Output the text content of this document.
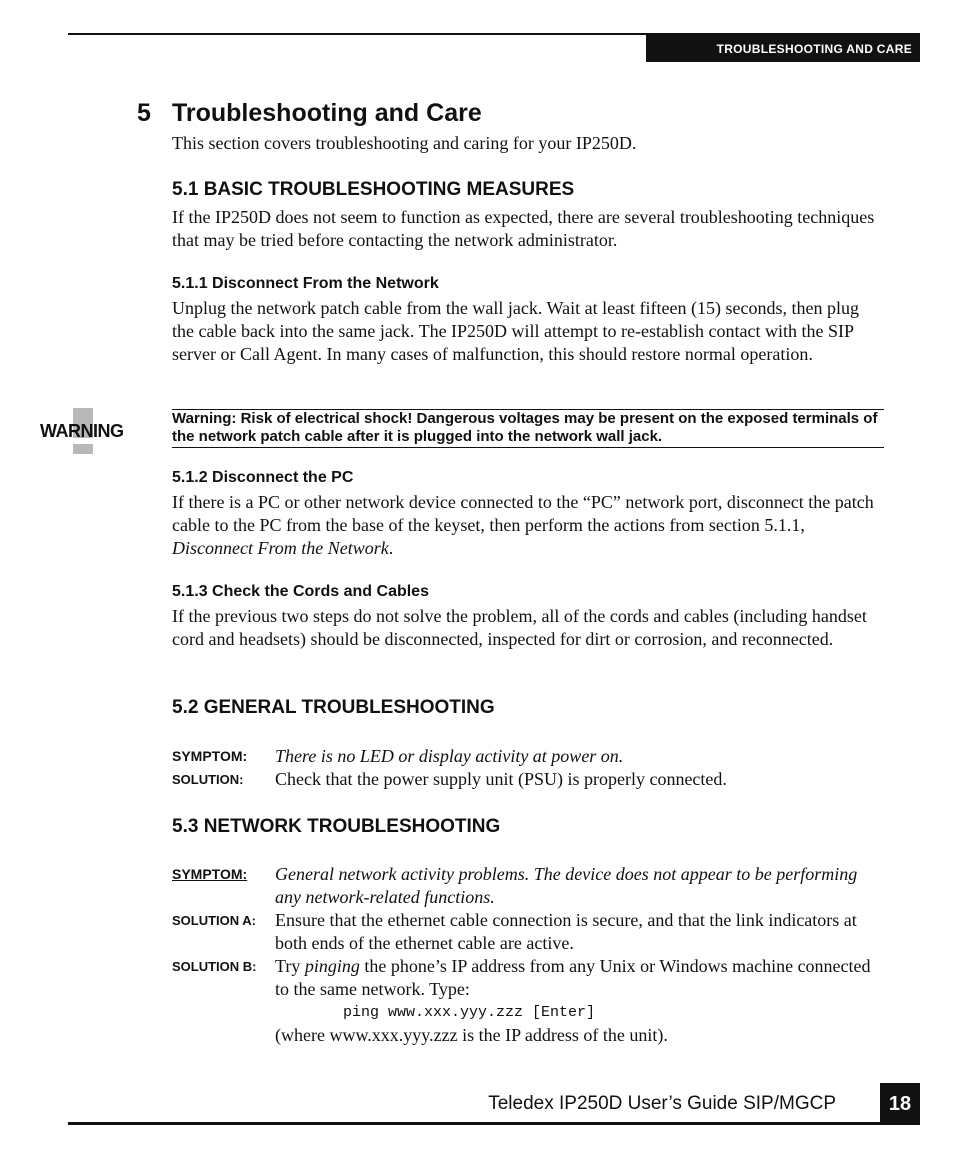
TROUBLESHOOTING AND CARE
5 Troubleshooting and Care
This section covers troubleshooting and caring for your IP250D.
5.1 BASIC TROUBLESHOOTING MEASURES
If the IP250D does not seem to function as expected, there are several troubleshooting techniques that may be tried before contacting the network administrator.
5.1.1 Disconnect From the Network
Unplug the network patch cable from the wall jack. Wait at least fifteen (15) seconds, then plug the cable back into the same jack. The IP250D will attempt to re-establish contact with the SIP server or Call Agent. In many cases of malfunction, this should restore normal operation.
WARNING
Warning: Risk of electrical shock! Dangerous voltages may be present on the exposed terminals of the network patch cable after it is plugged into the network wall jack.
5.1.2 Disconnect the PC
If there is a PC or other network device connected to the “PC” network port, disconnect the patch cable to the PC from the base of the keyset, then perform the actions from section 5.1.1, Disconnect From the Network.
5.1.3 Check the Cords and Cables
If the previous two steps do not solve the problem, all of the cords and cables (including handset cord and headsets) should be disconnected, inspected for dirt or corrosion, and reconnected.
5.2 GENERAL TROUBLESHOOTING
SYMPTOM: There is no LED or display activity at power on.
SOLUTION: Check that the power supply unit (PSU) is properly connected.
5.3 NETWORK TROUBLESHOOTING
SYMPTOM: General network activity problems. The device does not appear to be performing any network-related functions.
SOLUTION A: Ensure that the ethernet cable connection is secure, and that the link indicators at both ends of the ethernet cable are active.
SOLUTION B: Try pinging the phone’s IP address from any Unix or Windows machine connected to the same network. Type:
ping www.xxx.yyy.zzz [Enter]
(where www.xxx.yyy.zzz is the IP address of the unit).
Teledex IP250D User’s Guide SIP/MGCP	18
